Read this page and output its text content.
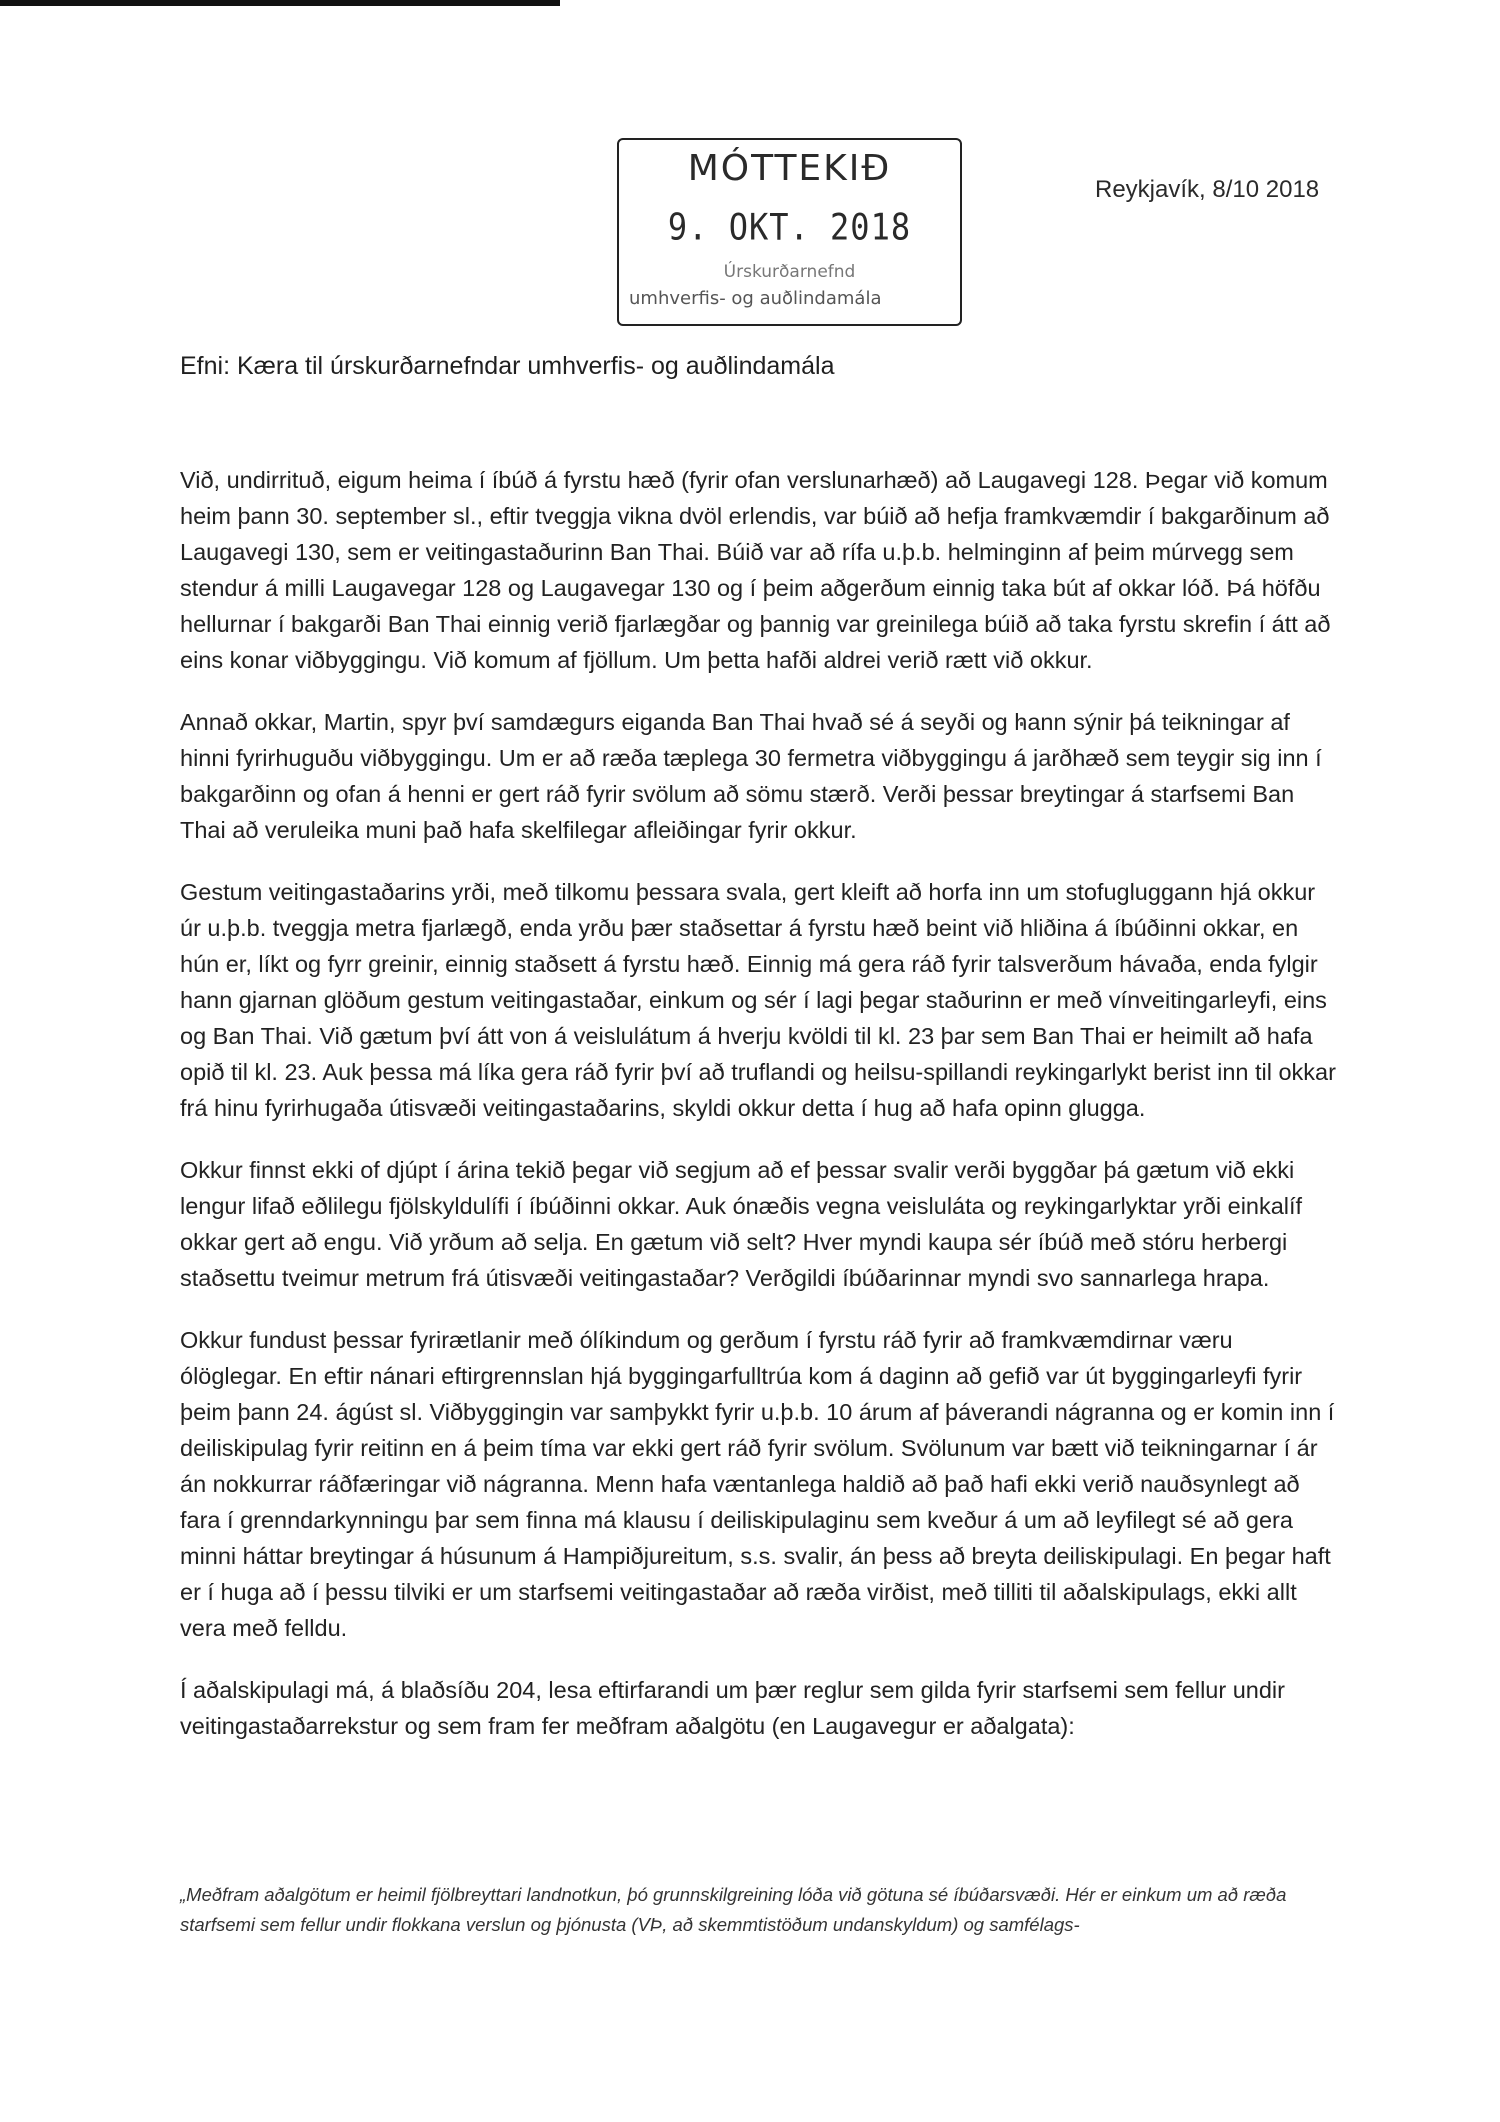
MÓTTEKIÐ
9. OKT. 2018
Úrskurðarnefnd
umhverfis- og auðlindamála
Reykjavík, 8/10 2018
Efni: Kæra til úrskurðarnefndar umhverfis- og auðlindamála

Við, undirrituð, eigum heima í íbúð á fyrstu hæð (fyrir ofan verslunarhæð) að Laugavegi 128. Þegar við komum heim þann 30. september sl., eftir tveggja vikna dvöl erlendis, var búið að hefja framkvæmdir í bakgarðinum að Laugavegi 130, sem er veitingastaðurinn Ban Thai. Búið var að rífa u.þ.b. helminginn af þeim múrvegg sem stendur á milli Laugavegar 128 og Laugavegar 130 og í þeim aðgerðum einnig taka bút af okkar lóð. Þá höfðu hellurnar í bakgarði Ban Thai einnig verið fjarlægðar og þannig var greinilega búið að taka fyrstu skrefin í átt að eins konar viðbyggingu. Við komum af fjöllum. Um þetta hafði aldrei verið rætt við okkur.

Annað okkar, Martin, spyr því samdægurs eiganda Ban Thai hvað sé á seyði og hann sýnir þá teikningar af hinni fyrirhuguðu viðbyggingu. Um er að ræða tæplega 30 fermetra viðbyggingu á jarðhæð sem teygir sig inn í bakgarðinn og ofan á henni er gert ráð fyrir svölum að sömu stærð. Verði þessar breytingar á starfsemi Ban Thai að veruleika muni það hafa skelfilegar afleiðingar fyrir okkur.

Gestum veitingastaðarins yrði, með tilkomu þessara svala, gert kleift að horfa inn um stofugluggann hjá okkur úr u.þ.b. tveggja metra fjarlægð, enda yrðu þær staðsettar á fyrstu hæð beint við hliðina á íbúðinni okkar, en hún er, líkt og fyrr greinir, einnig staðsett á fyrstu hæð. Einnig má gera ráð fyrir talsverðum hávaða, enda fylgir hann gjarnan glöðum gestum veitingastaðar, einkum og sér í lagi þegar staðurinn er með vínveitingarleyfi, eins og Ban Thai. Við gætum því átt von á veislulátum á hverju kvöldi til kl. 23 þar sem Ban Thai er heimilt að hafa opið til kl. 23. Auk þessa má líka gera ráð fyrir því að truflandi og heilsu-spillandi reykingarlykt berist inn til okkar frá hinu fyrirhugaða útisvæði veitingastaðarins, skyldi okkur detta í hug að hafa opinn glugga.

Okkur finnst ekki of djúpt í árina tekið þegar við segjum að ef þessar svalir verði byggðar þá gætum við ekki lengur lifað eðlilegu fjölskyldulífi í íbúðinni okkar. Auk ónæðis vegna veisluláta og reykingarlyktar yrði einkalíf okkar gert að engu. Við yrðum að selja. En gætum við selt? Hver myndi kaupa sér íbúð með stóru herbergi staðsettu tveimur metrum frá útisvæði veitingastaðar? Verðgildi íbúðarinnar myndi svo sannarlega hrapa.

Okkur fundust þessar fyrirætlanir með ólíkindum og gerðum í fyrstu ráð fyrir að framkvæmdirnar væru ólöglegar. En eftir nánari eftirgrennslan hjá byggingarfulltrúa kom á daginn að gefið var út byggingarleyfi fyrir þeim þann 24. ágúst sl. Viðbyggingin var samþykkt fyrir u.þ.b. 10 árum af þáverandi nágranna og er komin inn í deiliskipulag fyrir reitinn en á þeim tíma var ekki gert ráð fyrir svölum. Svölunum var bætt við teikningarnar í ár án nokkurrar ráðfæringar við nágranna. Menn hafa væntanlega haldið að það hafi ekki verið nauðsynlegt að fara í grenndarkynningu þar sem finna má klausu í deiliskipulaginu sem kveður á um að leyfilegt sé að gera minni háttar breytingar á húsunum á Hampiðjureitum, s.s. svalir, án þess að breyta deiliskipulagi. En þegar haft er í huga að í þessu tilviki er um starfsemi veitingastaðar að ræða virðist, með tilliti til aðalskipulags, ekki allt vera með felldu.

Í aðalskipulagi má, á blaðsíðu 204, lesa eftirfarandi um þær reglur sem gilda fyrir starfsemi sem fellur undir veitingastaðarrekstur og sem fram fer meðfram aðalgötu (en Laugavegur er aðalgata):

„Meðfram aðalgötum er heimil fjölbreyttari landnotkun, þó grunnskilgreining lóða við götuna sé íbúðarsvæði. Hér er einkum um að ræða starfsemi sem fellur undir flokkana verslun og þjónusta (VÞ, að skemmtistöðum undanskyldum) og samfélags-
